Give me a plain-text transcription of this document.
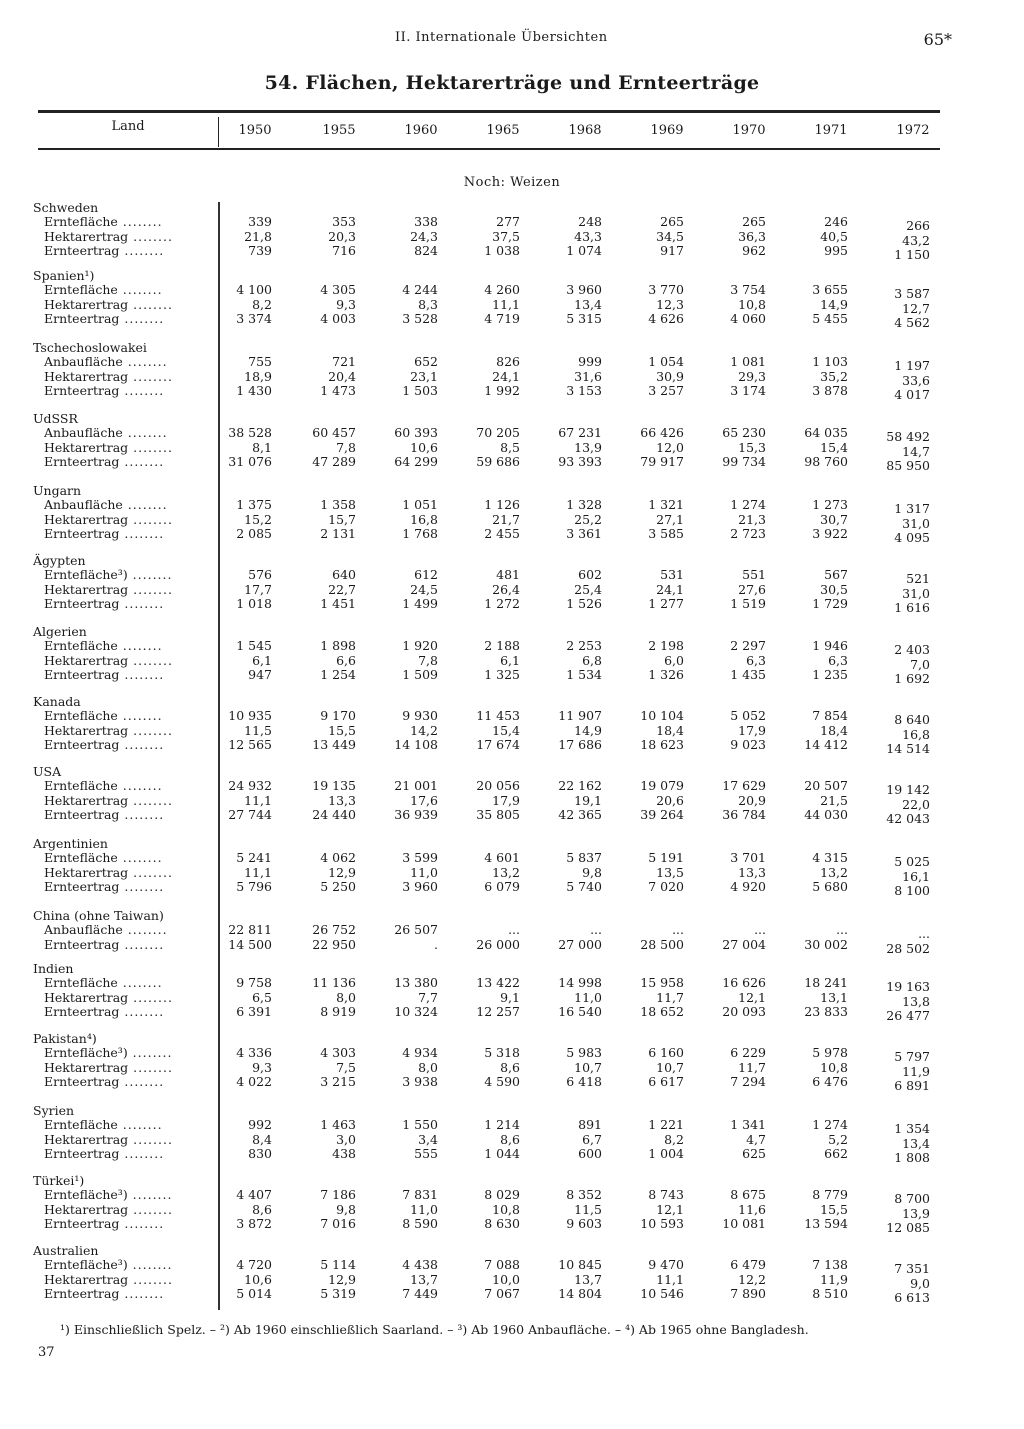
II. Internationale Übersichten	65*
54. Flächen, Hektarerträge und Ernteerträge
Land	1950	1955	1960	1965	1968	1969	1970	1971	1972
Noch: Weizen
Schweden
Erntefläche ........	339	353	338	277	248	265	265	246	266
Hektarertrag ........	21,8	20,3	24,3	37,5	43,3	34,5	36,3	40,5	43,2
Ernteertrag ........	739	716	824	1 038	1 074	917	962	995	1 150
Spanien¹)
Erntefläche ........	4 100	4 305	4 244	4 260	3 960	3 770	3 754	3 655	3 587
Hektarertrag ........	8,2	9,3	8,3	11,1	13,4	12,3	10,8	14,9	12,7
Ernteertrag ........	3 374	4 003	3 528	4 719	5 315	4 626	4 060	5 455	4 562
Tschechoslowakei
Anbaufläche ........	755	721	652	826	999	1 054	1 081	1 103	1 197
Hektarertrag ........	18,9	20,4	23,1	24,1	31,6	30,9	29,3	35,2	33,6
Ernteertrag ........	1 430	1 473	1 503	1 992	3 153	3 257	3 174	3 878	4 017
UdSSR
Anbaufläche ........	38 528	60 457	60 393	70 205	67 231	66 426	65 230	64 035	58 492
Hektarertrag ........	8,1	7,8	10,6	8,5	13,9	12,0	15,3	15,4	14,7
Ernteertrag ........	31 076	47 289	64 299	59 686	93 393	79 917	99 734	98 760	85 950
Ungarn
Anbaufläche ........	1 375	1 358	1 051	1 126	1 328	1 321	1 274	1 273	1 317
Hektarertrag ........	15,2	15,7	16,8	21,7	25,2	27,1	21,3	30,7	31,0
Ernteertrag ........	2 085	2 131	1 768	2 455	3 361	3 585	2 723	3 922	4 095
Ägypten
Erntefläche³) ........	576	640	612	481	602	531	551	567	521
Hektarertrag ........	17,7	22,7	24,5	26,4	25,4	24,1	27,6	30,5	31,0
Ernteertrag ........	1 018	1 451	1 499	1 272	1 526	1 277	1 519	1 729	1 616
Algerien
Erntefläche ........	1 545	1 898	1 920	2 188	2 253	2 198	2 297	1 946	2 403
Hektarertrag ........	6,1	6,6	7,8	6,1	6,8	6,0	6,3	6,3	7,0
Ernteertrag ........	947	1 254	1 509	1 325	1 534	1 326	1 435	1 235	1 692
Kanada
Erntefläche ........	10 935	9 170	9 930	11 453	11 907	10 104	5 052	7 854	8 640
Hektarertrag ........	11,5	15,5	14,2	15,4	14,9	18,4	17,9	18,4	16,8
Ernteertrag ........	12 565	13 449	14 108	17 674	17 686	18 623	9 023	14 412	14 514
USA
Erntefläche ........	24 932	19 135	21 001	20 056	22 162	19 079	17 629	20 507	19 142
Hektarertrag ........	11,1	13,3	17,6	17,9	19,1	20,6	20,9	21,5	22,0
Ernteertrag ........	27 744	24 440	36 939	35 805	42 365	39 264	36 784	44 030	42 043
Argentinien
Erntefläche ........	5 241	4 062	3 599	4 601	5 837	5 191	3 701	4 315	5 025
Hektarertrag ........	11,1	12,9	11,0	13,2	9,8	13,5	13,3	13,2	16,1
Ernteertrag ........	5 796	5 250	3 960	6 079	5 740	7 020	4 920	5 680	8 100
China (ohne Taiwan)
Anbaufläche ........	22 811	26 752	26 507	...	...	...	...	...	...
Ernteertrag ........	14 500	22 950	.	26 000	27 000	28 500	27 004	30 002	28 502
Indien
Erntefläche ........	9 758	11 136	13 380	13 422	14 998	15 958	16 626	18 241	19 163
Hektarertrag ........	6,5	8,0	7,7	9,1	11,0	11,7	12,1	13,1	13,8
Ernteertrag ........	6 391	8 919	10 324	12 257	16 540	18 652	20 093	23 833	26 477
Pakistan⁴)
Erntefläche³) ........	4 336	4 303	4 934	5 318	5 983	6 160	6 229	5 978	5 797
Hektarertrag ........	9,3	7,5	8,0	8,6	10,7	10,7	11,7	10,8	11,9
Ernteertrag ........	4 022	3 215	3 938	4 590	6 418	6 617	7 294	6 476	6 891
Syrien
Erntefläche ........	992	1 463	1 550	1 214	891	1 221	1 341	1 274	1 354
Hektarertrag ........	8,4	3,0	3,4	8,6	6,7	8,2	4,7	5,2	13,4
Ernteertrag ........	830	438	555	1 044	600	1 004	625	662	1 808
Türkei¹)
Erntefläche³) ........	4 407	7 186	7 831	8 029	8 352	8 743	8 675	8 779	8 700
Hektarertrag ........	8,6	9,8	11,0	10,8	11,5	12,1	11,6	15,5	13,9
Ernteertrag ........	3 872	7 016	8 590	8 630	9 603	10 593	10 081	13 594	12 085
Australien
Erntefläche³) ........	4 720	5 114	4 438	7 088	10 845	9 470	6 479	7 138	7 351
Hektarertrag ........	10,6	12,9	13,7	10,0	13,7	11,1	12,2	11,9	9,0
Ernteertrag ........	5 014	5 319	7 449	7 067	14 804	10 546	7 890	8 510	6 613
¹) Einschließlich Spelz. – ²) Ab 1960 einschließlich Saarland. – ³) Ab 1960 Anbaufläche. – ⁴) Ab 1965 ohne Bangladesh.
37
